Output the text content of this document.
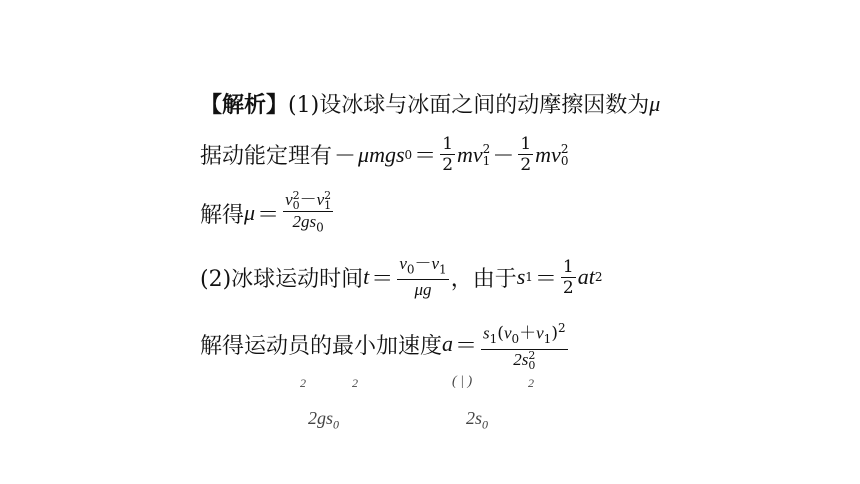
【 解析 】 (1)设冰球与冰面之间的动摩擦因数为 μ
据动能定理有 － μmgs $0 = \frac{1}{2}$ mv 2
$1 - \frac{1}{2}$ mv 2
0
解得 μ ＝ v 2
0 －v 2
1
$2gs_0$
(2)冰球运动时间 $t = \frac{v_0-v_1}{\mu g}$ ，由于 s $1 = \frac{1}{2}$ at 2
解得运动员的最小加速度 $a = s_1(v_0+v_1)^2$
2s 2
0
2	2
$2gs_0$
( | )	2
$2s_0$
